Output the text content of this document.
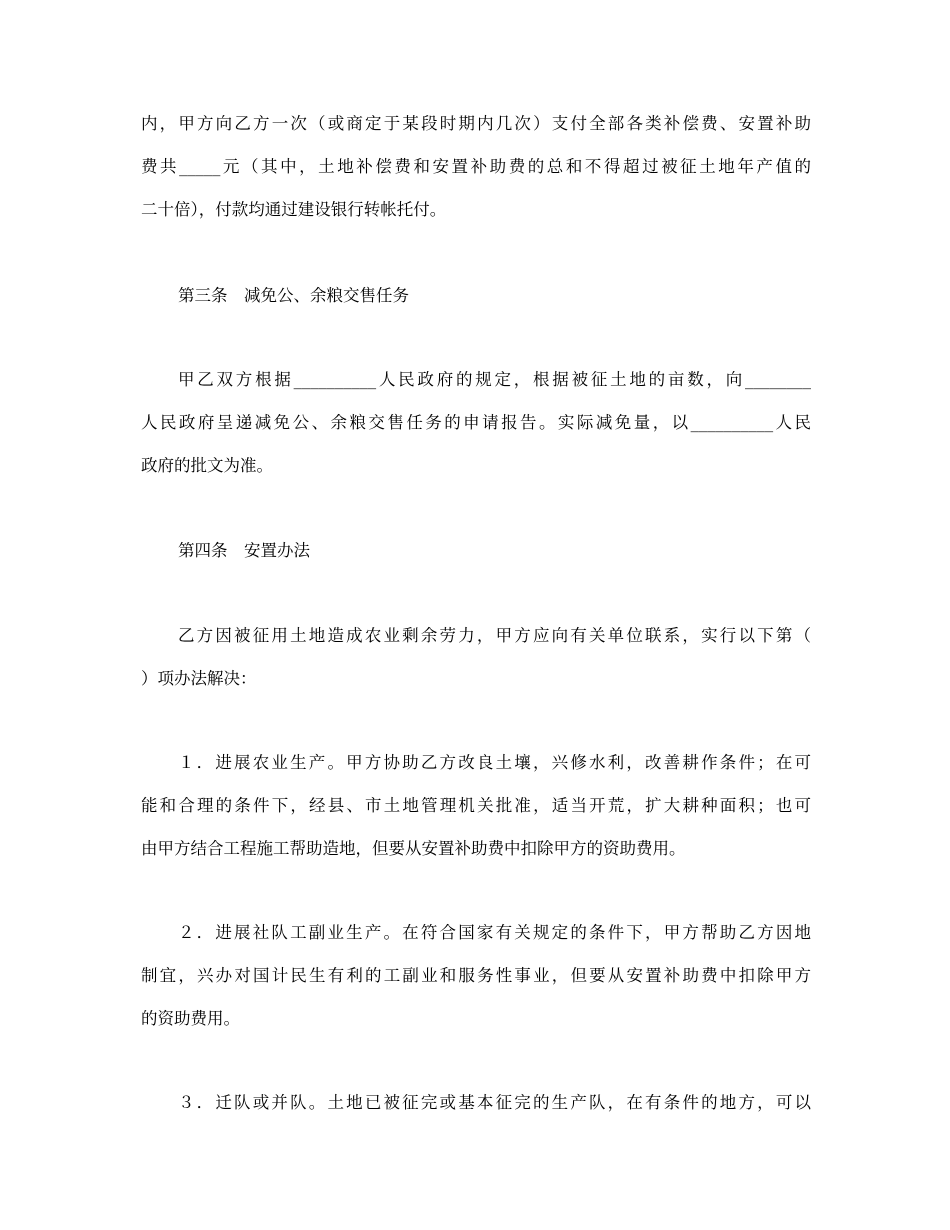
内，甲方向乙方一次（或商定于某段时期内几次）支付全部各类补偿费、安置补助
费共_____元（其中，土地补偿费和安置补助费的总和不得超过被征土地年产值的
二十倍），付款均通过建设银行转帐托付。
第三条　减免公、余粮交售任务
甲乙双方根据__________人民政府的规定，根据被征土地的亩数，向________
人民政府呈递减免公、余粮交售任务的申请报告。实际减免量，以__________人民
政府的批文为准。
第四条　安置办法
乙方因被征用土地造成农业剩余劳力，甲方应向有关单位联系，实行以下第（
）项办法解决：
１．进展农业生产。甲方协助乙方改良土壤，兴修水利，改善耕作条件；在可
能和合理的条件下，经县、市土地管理机关批准，适当开荒，扩大耕种面积；也可
由甲方结合工程施工帮助造地，但要从安置补助费中扣除甲方的资助费用。
２．进展社队工副业生产。在符合国家有关规定的条件下，甲方帮助乙方因地
制宜，兴办对国计民生有利的工副业和服务性事业，但要从安置补助费中扣除甲方
的资助费用。
３．迁队或并队。土地已被征完或基本征完的生产队，在有条件的地方，可以
